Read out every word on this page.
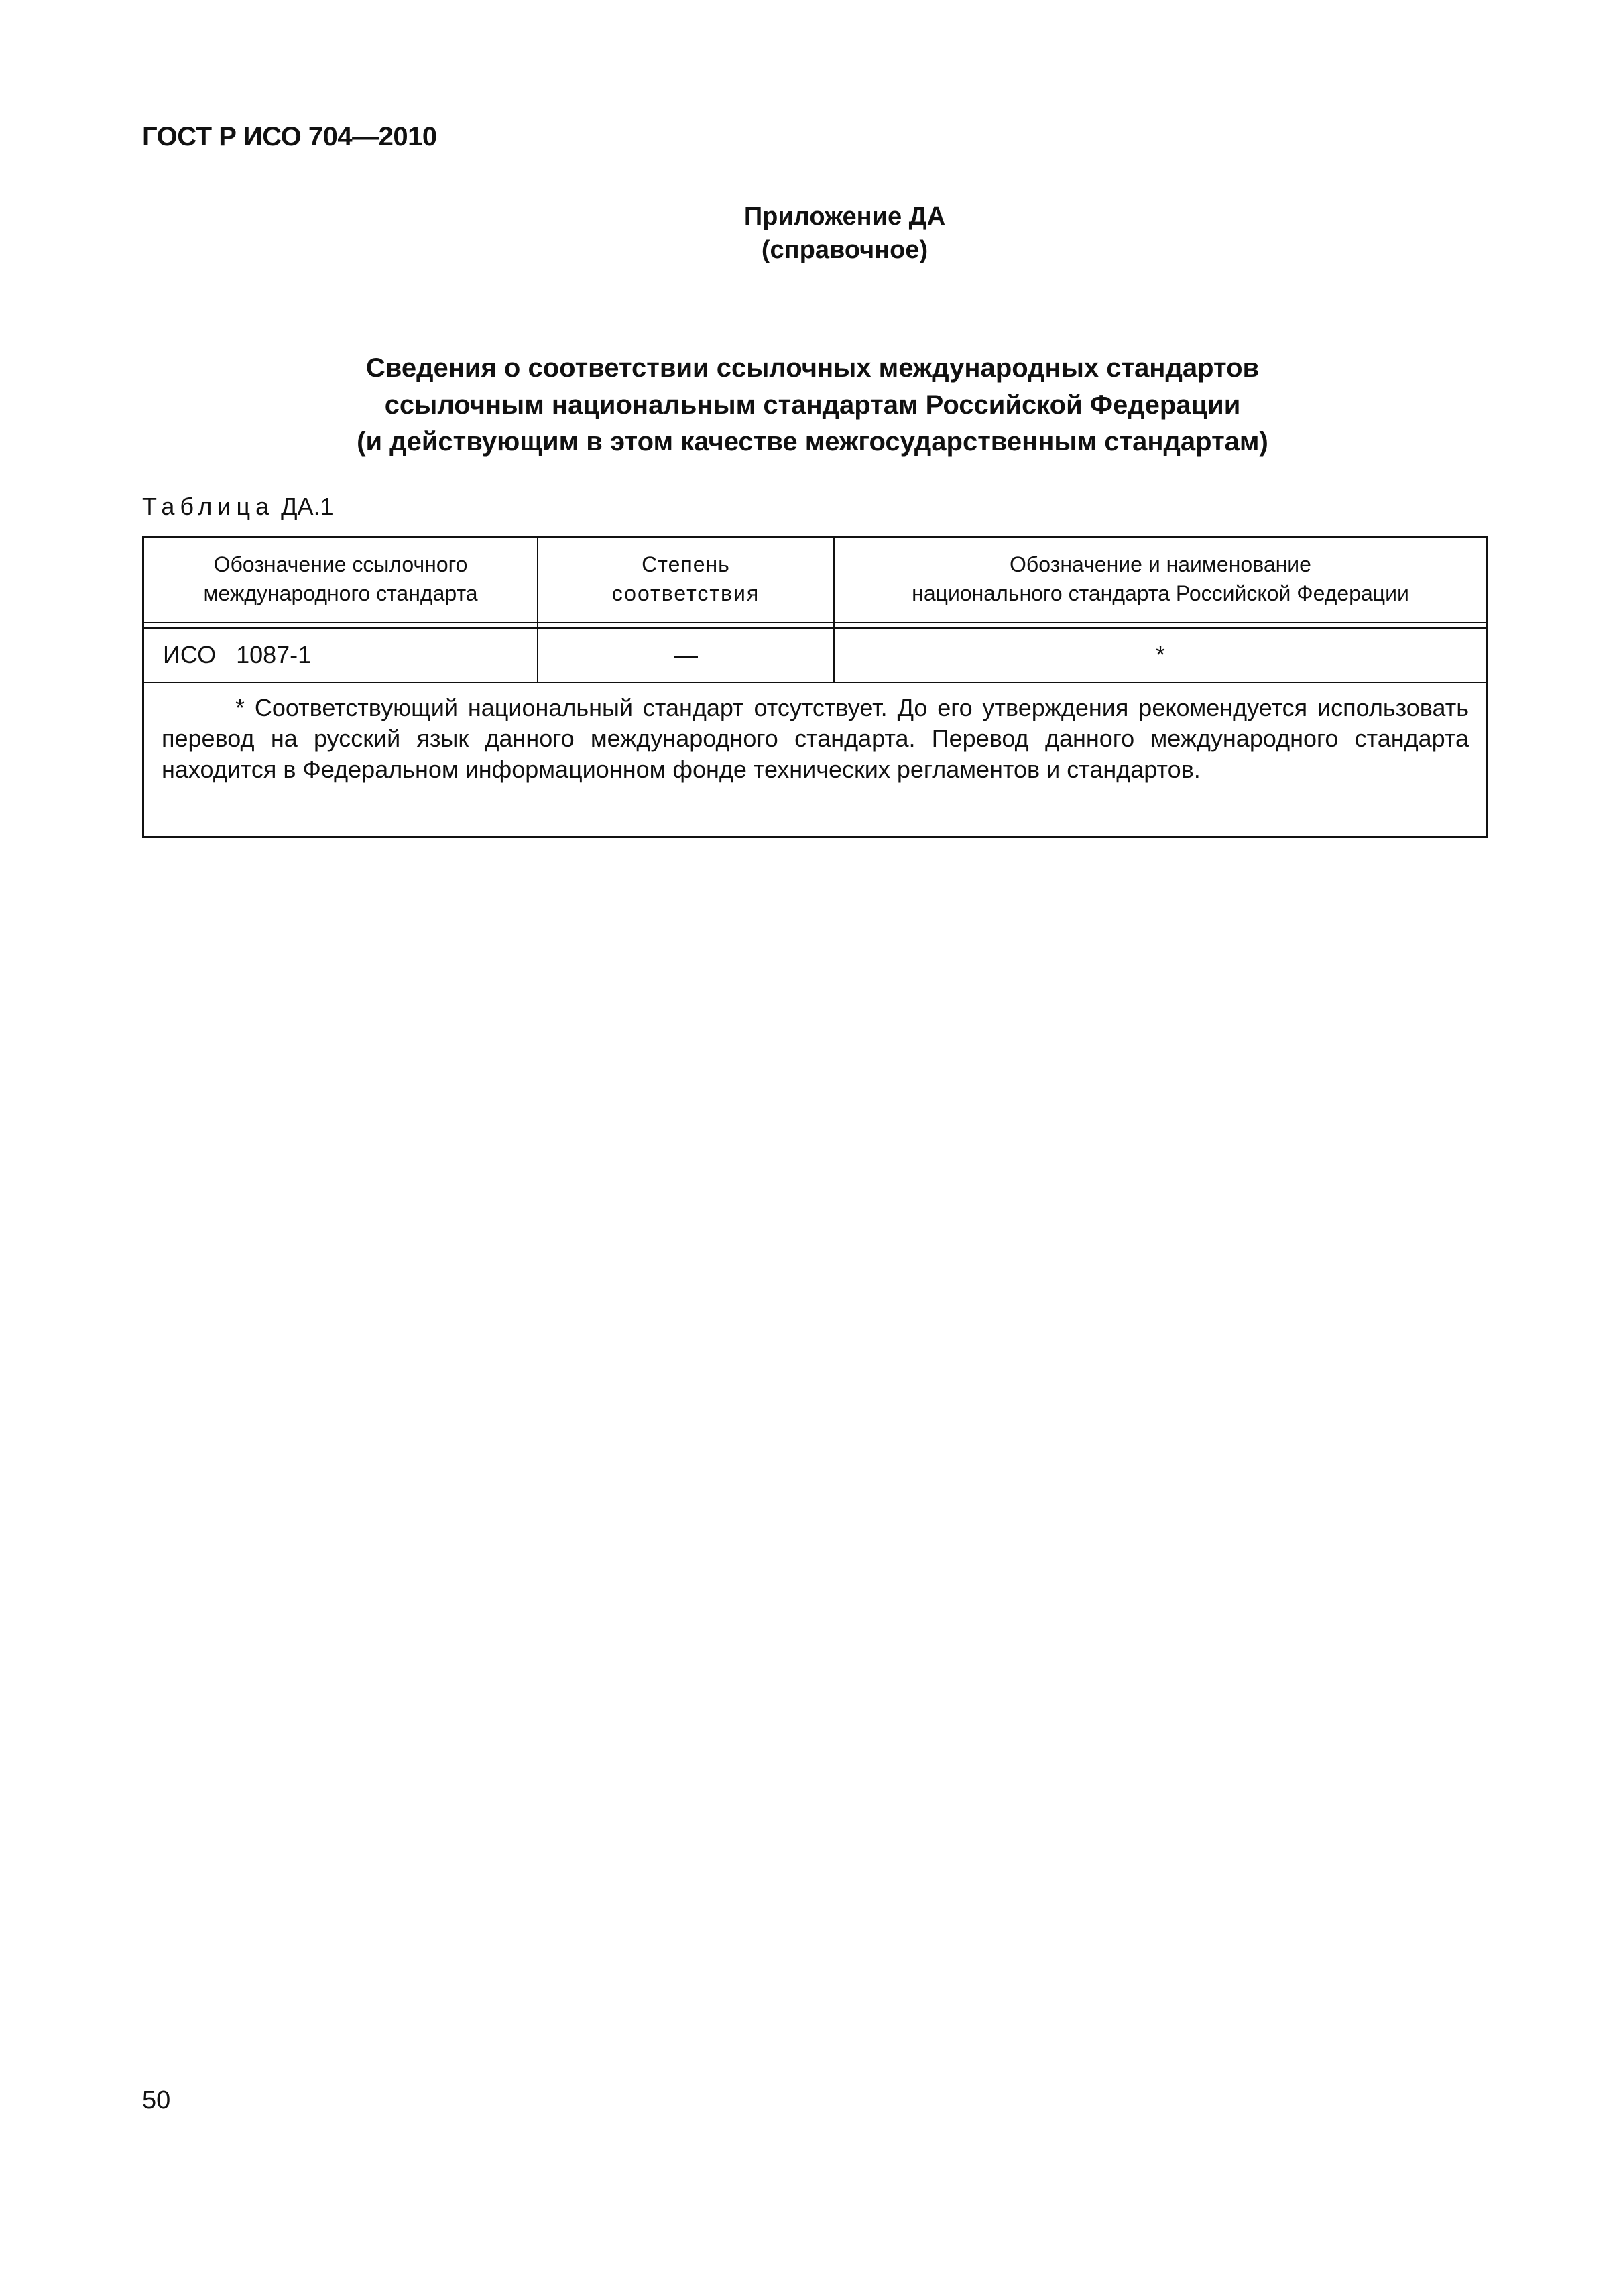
ГОСТ Р ИСО 704—2010
Приложение ДА
(справочное)
Сведения о соответствии ссылочных международных стандартов
ссылочным национальным стандартам Российской Федерации
(и действующим в этом качестве межгосударственным стандартам)
Таблица ДА.1
Обозначение ссылочного
международного стандарта
Степень
соответствия
Обозначение и наименование
национального стандарта Российской Федерации
ИСО   1087-1	—	*
* Соответствующий национальный стандарт отсутствует. До его утверждения рекомендуется использовать перевод на русский язык данного международного стандарта. Перевод данного международного стандарта находится в Федеральном информационном фонде технических регламентов и стандартов.
50
